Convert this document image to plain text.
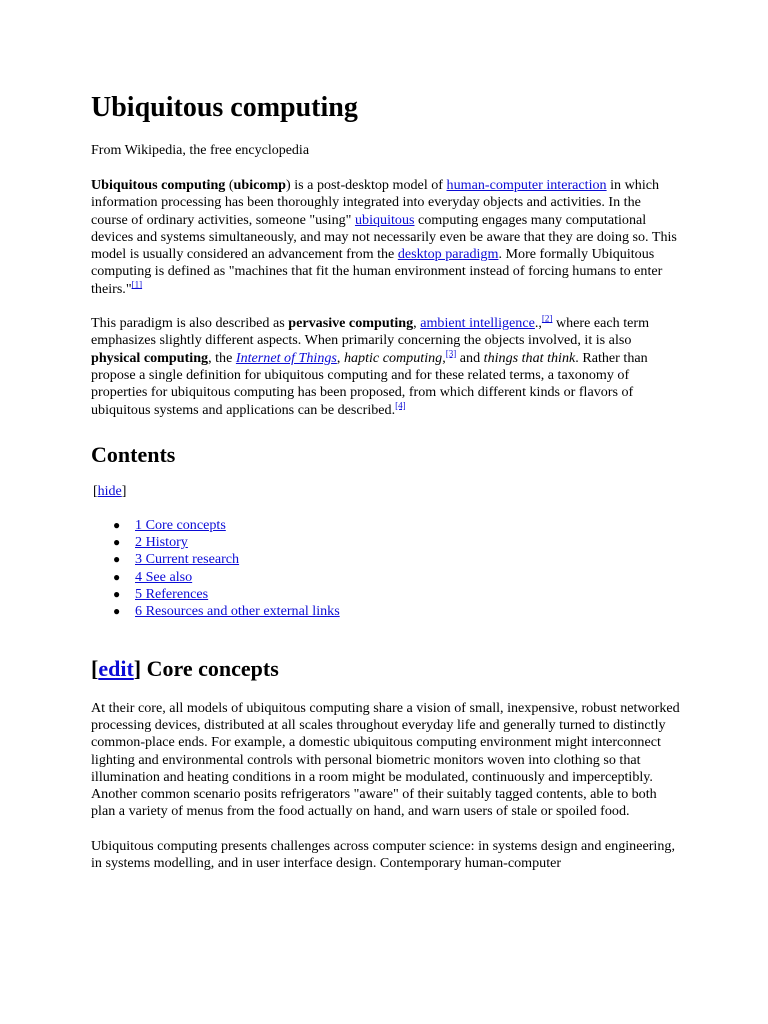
Ubiquitous computing
From Wikipedia, the free encyclopedia

Ubiquitous computing (ubicomp) is a post-desktop model of human-computer interaction in which information processing has been thoroughly integrated into everyday objects and activities. In the course of ordinary activities, someone "using" ubiquitous computing engages many computational devices and systems simultaneously, and may not necessarily even be aware that they are doing so. This model is usually considered an advancement from the desktop paradigm. More formally Ubiquitous computing is defined as "machines that fit the human environment instead of forcing humans to enter theirs."[1]

This paradigm is also described as pervasive computing, ambient intelligence.,[2] where each term emphasizes slightly different aspects. When primarily concerning the objects involved, it is also physical computing, the Internet of Things, haptic computing,[3] and things that think. Rather than propose a single definition for ubiquitous computing and for these related terms, a taxonomy of properties for ubiquitous computing has been proposed, from which different kinds or flavors of ubiquitous systems and applications can be described.[4]

Contents
[hide]
● 1 Core concepts
● 2 History
● 3 Current research
● 4 See also
● 5 References
● 6 Resources and other external links
[edit] Core concepts

At their core, all models of ubiquitous computing share a vision of small, inexpensive, robust networked processing devices, distributed at all scales throughout everyday life and generally turned to distinctly common-place ends. For example, a domestic ubiquitous computing environment might interconnect lighting and environmental controls with personal biometric monitors woven into clothing so that illumination and heating conditions in a room might be modulated, continuously and imperceptibly. Another common scenario posits refrigerators "aware" of their suitably tagged contents, able to both plan a variety of menus from the food actually on hand, and warn users of stale or spoiled food.

Ubiquitous computing presents challenges across computer science: in systems design and engineering, in systems modelling, and in user interface design. Contemporary human-computer
